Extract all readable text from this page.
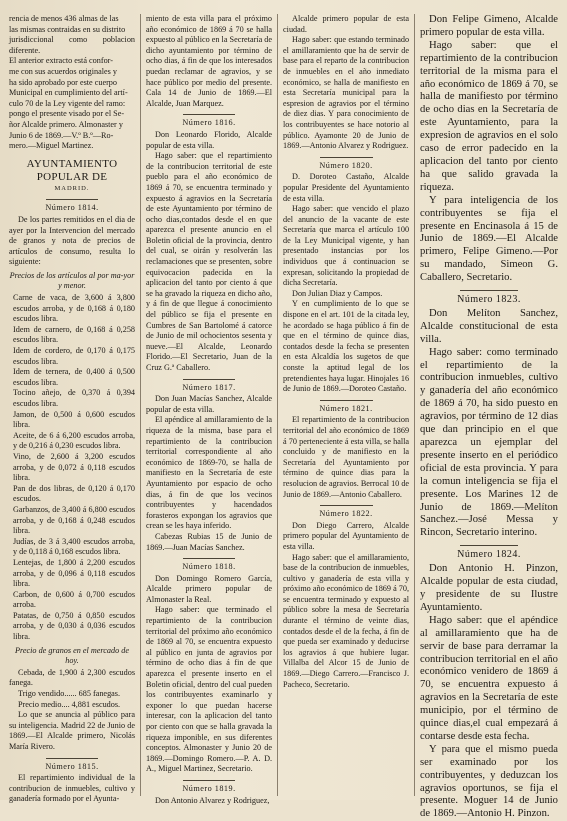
rencia de menos 436 almas de las

las mismas contraidas en su distrito

jurisdiccional como poblacion diferente.

El anterior extracto está confor-

me con sus acuerdos originales y

ha sido aprobado por este cuerpo

Municipal en cumplimiento del artí-

culo 70 de la Ley vigente del ramo:

pongo el presente visado por el Se-

ñor Alcalde primero. Almonaster y

Junio 6 de 1869.—V.º B.º—Ro-

mero.—Miguel Martinez.

AYUNTAMIENTO POPULAR DE
MADRID.
Número 1814.

De los partes remitidos en el dia de ayer por la Intervencion del mercado de granos y nota de precios de artículos de consumo, resulta lo siguiente:

Precios de los artículos al por ma-yor y menor.

Carne de vaca, de 3,600 á 3,800 escudos arroba, y de 0,168 á 0,180 escudos libra.

Idem de carnero, de 0,168 á 0,258 escudos libra.

Idem de cordero, de 0,170 á 0,175 escudos libra.

Idem de ternera, de 0,400 á 0,500 escudos libra.

Tocino añejo, de 0,370 á 0,394 escudos libra.

Jamon, de 0,500 á 0,600 escudos libra.

Aceite, de 6 á 6,200 escudos arroba, y de 0,216 á 0,230 escudos libra.

Vino, de 2,600 á 3,200 escudos arroba, y de 0,072 á 0,118 escudos libra.

Pan de dos libras, de 0,120 á 0,170 escudos.

Garbanzos, de 3,400 á 6,800 escudos arroba, y de 0,168 á 0,248 escudos libra.

Judías, de 3 á 3,400 escudos arroba, y de 0,118 á 0,168 escudos libra.

Lentejas, de 1,800 á 2,200 escudos arroba, y de 0,096 á 0,118 escudos libra.

Carbon, de 0,600 á 0,700 escudos arroba.

Patatas, de 0,750 á 0,850 escudos arroba, y de 0,030 á 0,036 escudos libra.

Precio de granos en el mercado de hoy.

Cebada, de 1,900 á 2,300 escudos fanega.

Trigo vendido...... 685 fanegas.

Precio medio.... 4,881 escudos.

Lo que se anuncia al público para su inteligencia. Madrid 22 de Junio de 1869.—El Alcalde primero, Nicolás María Rivero.

Número 1815.

El repartimiento individual de la contribucion de inmuebles, cultivo y ganadería formado por el Ayunta-

miento de esta villa para el próximo año económico de 1869 á 70 se halla expuesto al público en la Secretaría de dicho ayuntamiento por término de ocho dias, á fin de que los interesados puedan reclamar de agravios, y se hace público por medio del presente. Cala 14 de Junio de 1869.—El Alcalde, Juan Marquez.

Número 1816.

Don Leonardo Florido, Alcalde popular de esta villa.

Hago saber: que el repartimiento de la contribucion territorial de este pueblo para el año económico de 1869 á 70, se encuentra terminado y expuesto á agravios en la Secretaría de este Ayuntamiento por término de ocho dias,contados desde el en que aparezca el presente anuncio en el Boletin oficial de la provincia, dentro del cual, se oirán y resolverán las reclamaciones que se presenten, sobre equivocacion padecida en la aplicacion del tanto por ciento á que se ha gravado la riqueza en dicho año, y á fin de que llegue á conocimiento del público se fija el presente en Cumbres de San Bartolomé á catorce de Junio de mil ochocientos sesenta y nueve.—El Alcalde, Leonardo Florido.—El Secretario, Juan de la Cruz G.ª Caballero.

Número 1817.

Don Juan Macías Sanchez, Alcalde popular de esta villa.

El apéndice al amillaramiento de la riqueza de la misma, base para el repartimiento de la contribucion territorial correspondiente al año económico de 1869-70, se halla de manifiesto en la Secretaría de este Ayuntamiento por espacio de ocho dias, á fin de que los vecinos contribuyentes y hacendados forasteros expongan los agravios que crean se les haya inferido.

Cabezas Rubias 15 de Junio de 1869.—Juan Macías Sanchez.

Número 1818.

Don Domingo Romero García, Alcalde primero popular de Almonaster la Real.

Hago saber: que terminado el repartimiento de la contribucion territorial del próximo año económico de 1869 al 70, se encuentra expuesto al público en junta de agravios por término de ocho dias á fin de que aparezca el presente inserto en el Boletin oficial, dentro del cual pueden los contribuyentes examinarlo y exponer lo que puedan hacerse interesar, con la aplicacion del tanto por ciento con que se halla gravada la riqueza imponible, en sus diferentes conceptos. Almonaster y Junio 20 de 1869.—Domingo Romero.—P. A. D. A., Miguel Martinez, Secretario.

Número 1819.

Don Antonio Alvarez y Rodriguez,

Alcalde primero popular de esta ciudad.

Hago saber: que estando terminado el amillaramiento que ha de servir de base para el reparto de la contribucion de inmuebles en el año inmediato económico, se halla de manifiesto en esta Secretaría municipal para la espresion de agravios por el término de diez dias. Y para conocimiento de los contribuyentes se hace notorio al público. Ayamonte 20 de Junio de 1869.—Antonio Alvarez y Rodriguez.

Número 1820.

D. Doroteo Castaño, Alcalde popular Presidente del Ayuntamiento de esta villa.

Hago saber: que vencido el plazo del anuncio de la vacante de este Secretaría que marca el artículo 100 de la Ley Municipal vigente, y han presentado instancias por los individuos que á continuacion se expresan, solicitando la propiedad de dicha Secretaría.

Don Julian Diaz y Campos.

Y en cumplimiento de lo que se dispone en el art. 101 de la citada ley, he acordado se haga público á fin de que en el término de quince dias, contados desde la fecha se presenten en esta Alcaldía los sugetos de que conste la aptitud legal de los pretendientes haya lugar. Hinojales 16 de Junio de 1869.—Doroteo Castaño.

Número 1821.

El repartimiento de la contribucion territorial del año económico de 1869 á 70 perteneciente á esta villa, se halla concluido y de manifiesto en la Secretaría del Ayuntamiento por término de quince dias para la resolucion de agravios. Berrocal 10 de Junio de 1869.—Antonio Caballero.

Número 1822.

Don Diego Carrero, Alcalde primero popular del Ayuntamiento de esta villa.

Hago saber: que el amillaramiento, base de la contribucion de inmuebles, cultivo y ganadería de esta villa y próximo año económico de 1869 á 70, se encuentra terminado y expuesto al público sobre la mesa de Secretaría durante el término de veinte dias, contados desde el de la fecha, á fin de que pueda ser examinado y deducirse los agravios á que hubiere lugar. Villalba del Alcor 15 de Junio de 1869.—Diego Carrero.—Francisco J. Pacheco, Secretario.

Don Felipe Gimeno, Alcalde primero popular de esta villa.

Hago saber: que el repartimiento de la contribucion territorial de la misma para el año económico de 1869 á 70, se halla de manifiesto por término de ocho dias en la Secretaría de este Ayuntamiento, para la expresion de agravios en el solo caso de error padecido en la aplicacion del tanto por ciento ha que salido gravada la riqueza.

Y para inteligencia de los contribuyentes se fija el presente en Encinasola á 15 de Junio de 1869.—El Alcalde primero, Felipe Gimeno.—Por su mandado, Simeon G. Caballero, Secretario.

Número 1823.

Don Melíton Sanchez, Alcalde constitucional de esta villa.

Hago saber: como terminado el repartimiento de la contribucion inmuebles, cultivo y ganadería del año económico de 1869 á 70, ha sido puesto en agravios, por término de 12 dias que dan principio en el que aparezca un ejemplar del presente inserto en el periódico oficial de esta provincia. Y para la comun inteligencia se fija el presente. Los Marines 12 de Junio de 1869.—Melíton Sanchez.—José Messa y Rincon, Secretario interino.

Número 1824.

Don Antonio H. Pinzon, Alcalde popular de esta ciudad, y presidente de su Ilustre Ayuntamiento.

Hago saber: que el apéndice al amillaramiento que ha de servir de base para derramar la contribucion territorial en el año económico venidero de 1869 á 70, se encuentra expuesto á agravios en la Secretaría de este municipio, por el término de quince dias,el cual empezará á contarse desde esta fecha.

Y para que el mismo pueda ser examinado por los contribuyentes, y deduzcan los agravios oportunos, se fija el presente. Moguer 14 de Junio de 1869.—Antonio H. Pinzon.
